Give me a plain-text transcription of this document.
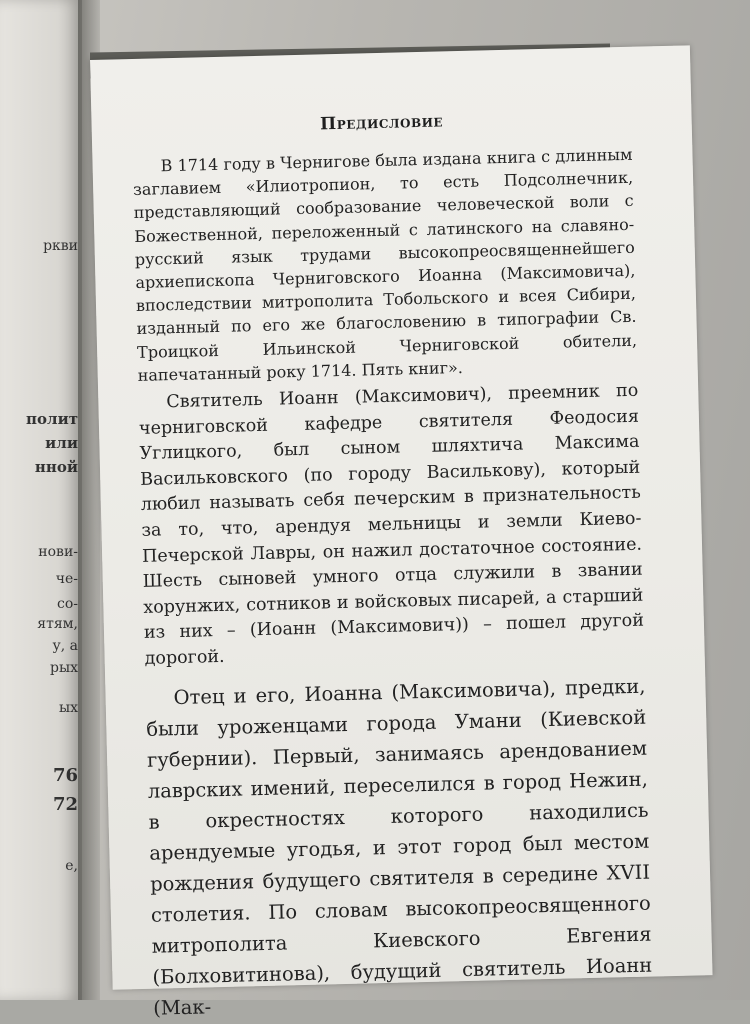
ркви
полит
или
нной
нови-
че-
со-
ятям,
у, а
рых
ых
76
72
е,
Предисловие

В 1714 году в Чернигове была издана книга с длинным заглавием «Илиотропион, то есть Подсолнечник, представляющий сообразование человеческой воли с Божественной, переложенный с латинского на славяно-русский язык трудами высокопреосвященнейшего архиепископа Черниговского Иоанна (Максимовича), впоследствии митрополита Тобольского и всея Сибири, изданный по его же благословению в типографии Св. Троицкой Ильинской Черниговской обители, напечатанный року 1714. Пять книг».

Святитель Иоанн (Максимович), преемник по черниговской кафедре святителя Феодосия Углицкого, был сыном шляхтича Максима Васильковского (по городу Василькову), который любил называть себя печерским в признательность за то, что, арендуя мельницы и земли Киево-Печерской Лавры, он нажил достаточное состояние. Шесть сыновей умного отца служили в звании хорунжих, сотников и войсковых писарей, а старший из них – (Иоанн (Максимович)) – пошел другой дорогой.

Отец и его, Иоанна (Максимовича), предки, были уроженцами города Умани (Киевской губернии). Первый, занимаясь арендованием лаврских имений, переселился в город Нежин, в окрестностях которого находились арендуемые угодья, и этот город был местом рождения будущего святителя в середине XVII столетия. По словам высокопреосвященного митрополита Киевского Евгения (Болховитинова), будущий святитель Иоанн (Мак-
